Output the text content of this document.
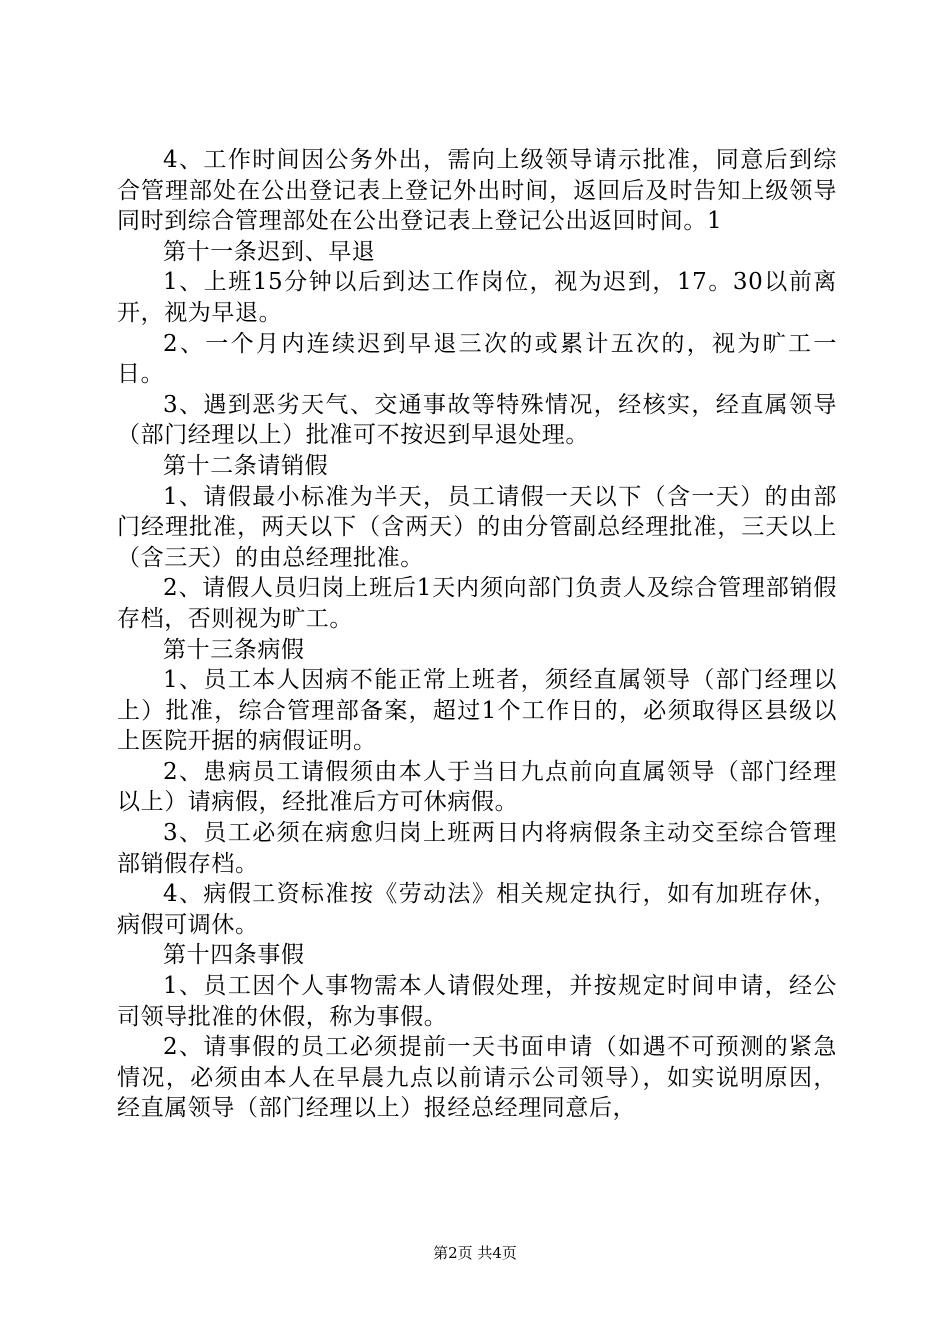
4、工作时间因公务外出，需向上级领导请示批准，同意后到综合管理部处在公出登记表上登记外出时间，返回后及时告知上级领导同时到综合管理部处在公出登记表上登记公出返回时间。1

第十一条迟到、早退

1、上班15分钟以后到达工作岗位，视为迟到，17。30以前离开，视为早退。

2、一个月内连续迟到早退三次的或累计五次的，视为旷工一日。

3、遇到恶劣天气、交通事故等特殊情况，经核实，经直属领导（部门经理以上）批准可不按迟到早退处理。

第十二条请销假

1、请假最小标准为半天，员工请假一天以下（含一天）的由部门经理批准，两天以下（含两天）的由分管副总经理批准，三天以上（含三天）的由总经理批准。

2、请假人员归岗上班后1天内须向部门负责人及综合管理部销假存档，否则视为旷工。

第十三条病假

1、员工本人因病不能正常上班者，须经直属领导（部门经理以上）批准，综合管理部备案，超过1个工作日的，必须取得区县级以上医院开据的病假证明。

2、患病员工请假须由本人于当日九点前向直属领导（部门经理以上）请病假，经批准后方可休病假。

3、员工必须在病愈归岗上班两日内将病假条主动交至综合管理部销假存档。

4、病假工资标准按《劳动法》相关规定执行，如有加班存休，病假可调休。

第十四条事假

1、员工因个人事物需本人请假处理，并按规定时间申请，经公司领导批准的休假，称为事假。

2、请事假的员工必须提前一天书面申请（如遇不可预测的紧急情况，必须由本人在早晨九点以前请示公司领导），如实说明原因，经直属领导（部门经理以上）报经总经理同意后，

第2页 共4页
